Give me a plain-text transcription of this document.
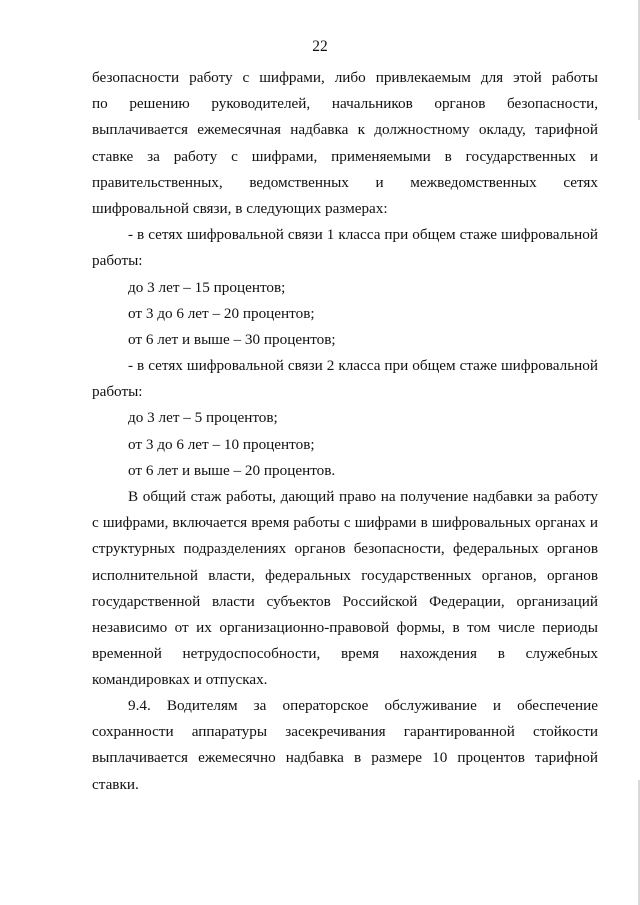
22
безопасности работу с шифрами, либо привлекаемым для этой работы
по решению руководителей, начальников органов безопасности,
выплачивается ежемесячная надбавка к должностному окладу, тарифной
ставке за работу с шифрами, применяемыми в государственных и
правительственных, ведомственных и межведомственных сетях
шифровальной связи, в следующих размерах:
- в сетях шифровальной связи 1 класса при общем стаже шифровальной
работы:
до 3 лет – 15 процентов;
от 3 до 6 лет – 20 процентов;
от 6 лет и выше – 30 процентов;
- в сетях шифровальной связи 2 класса при общем стаже шифровальной
работы:
до 3 лет – 5 процентов;
от 3 до 6 лет – 10 процентов;
от 6 лет и выше – 20 процентов.
В общий стаж работы, дающий право на получение надбавки за работу
с шифрами, включается время работы с шифрами в шифровальных органах и
структурных подразделениях органов безопасности, федеральных органов
исполнительной власти, федеральных государственных органов, органов
государственной власти субъектов Российской Федерации, организаций
независимо от их организационно-правовой формы, в том числе периоды
временной нетрудоспособности, время нахождения в служебных
командировках и отпусках.
9.4. Водителям за операторское обслуживание и обеспечение
сохранности аппаратуры засекречивания гарантированной стойкости
выплачивается ежемесячно надбавка в размере 10 процентов тарифной
ставки.
